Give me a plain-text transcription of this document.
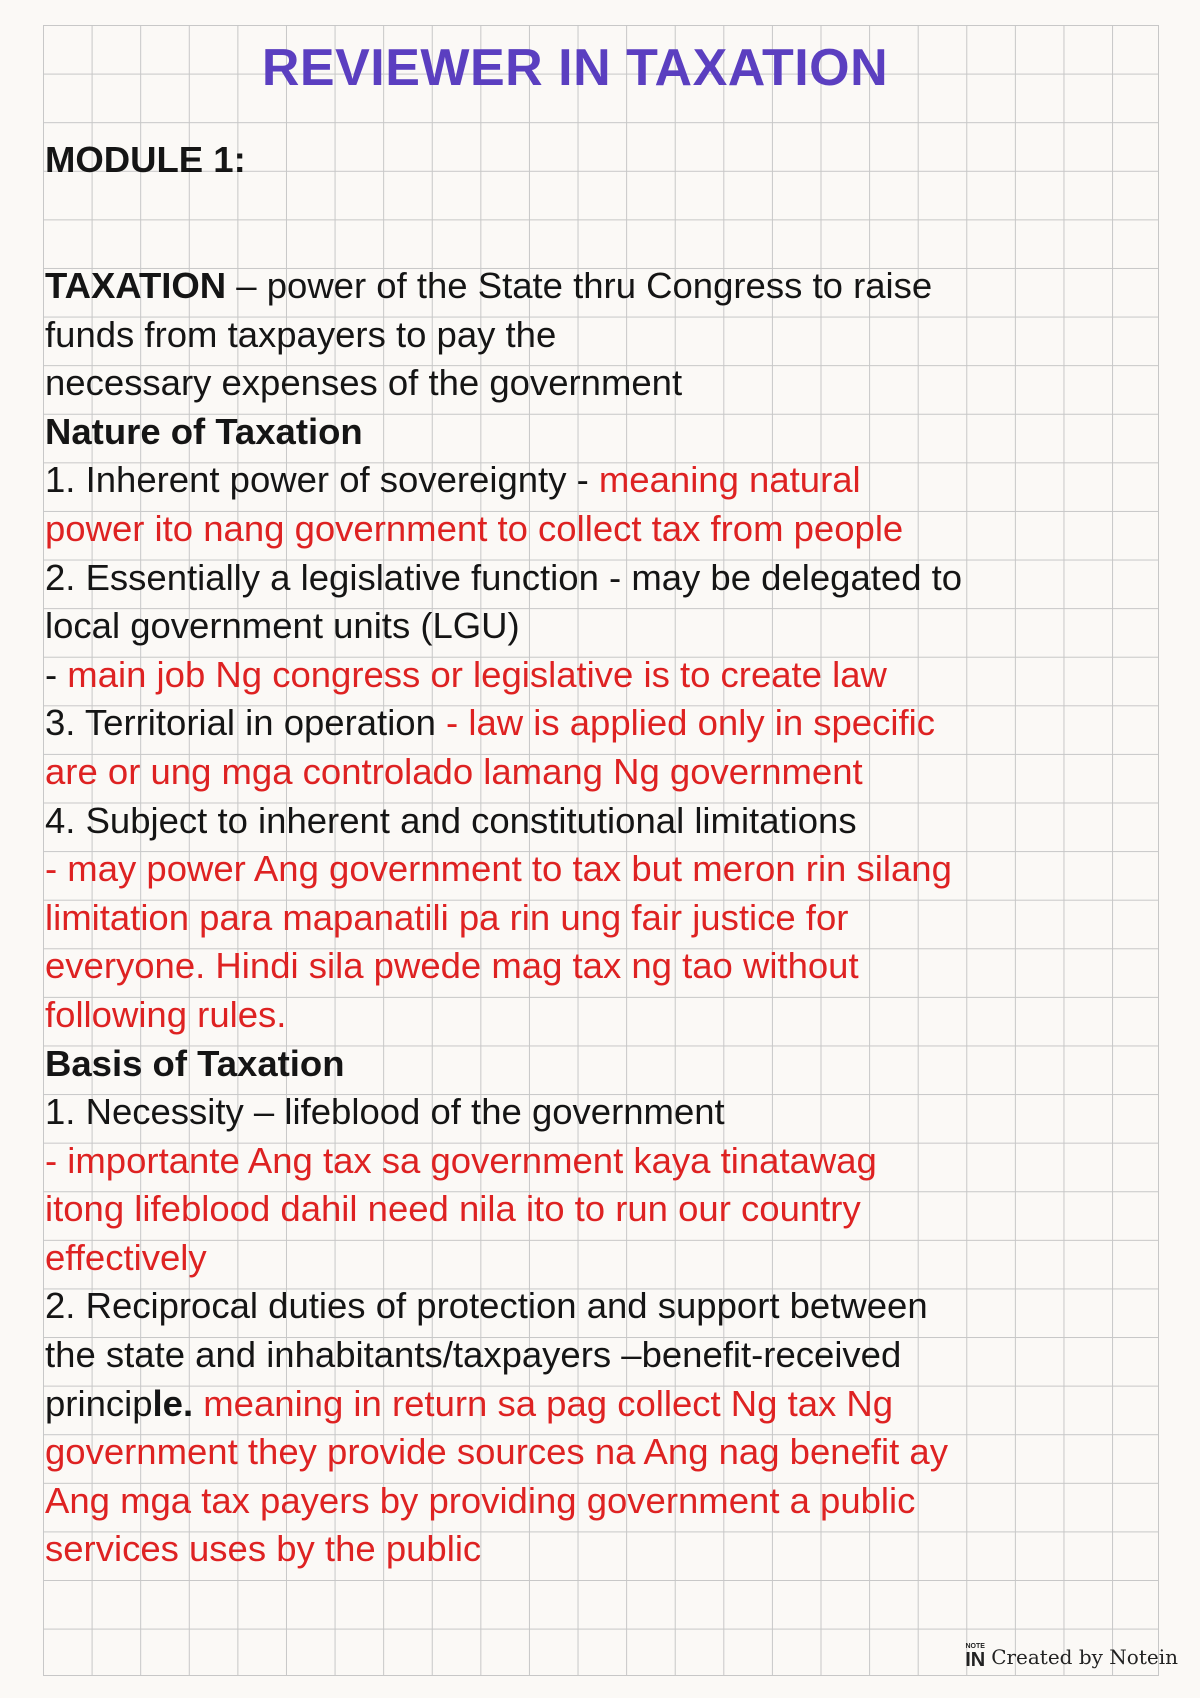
REVIEWER IN TAXATION
MODULE 1:
TAXATION – power of the State thru Congress to raise
funds from taxpayers to pay the
necessary expenses of the government
Nature of Taxation
1. Inherent power of sovereignty - meaning natural
power ito nang government to collect tax from people
2. Essentially a legislative function - may be delegated to
local government units (LGU)
- main job Ng congress or legislative is to create law
3. Territorial in operation - law is applied only in specific
are or ung mga controlado lamang Ng government
4. Subject to inherent and constitutional limitations
- may power Ang government to tax but meron rin silang
limitation para mapanatili pa rin ung fair justice for
everyone. Hindi sila pwede mag tax ng tao without
following rules.
Basis of Taxation
1. Necessity – lifeblood of the government
- importante Ang tax sa government kaya tinatawag
itong lifeblood dahil need nila ito to run our country
effectively
2. Reciprocal duties of protection and support between
the state and inhabitants/taxpayers –benefit-received
principle. meaning in return sa pag collect Ng tax Ng
government they provide sources na Ang nag benefit ay
Ang mga tax payers by providing government a public
services uses by the public
NOTE
IN Created by Notein
